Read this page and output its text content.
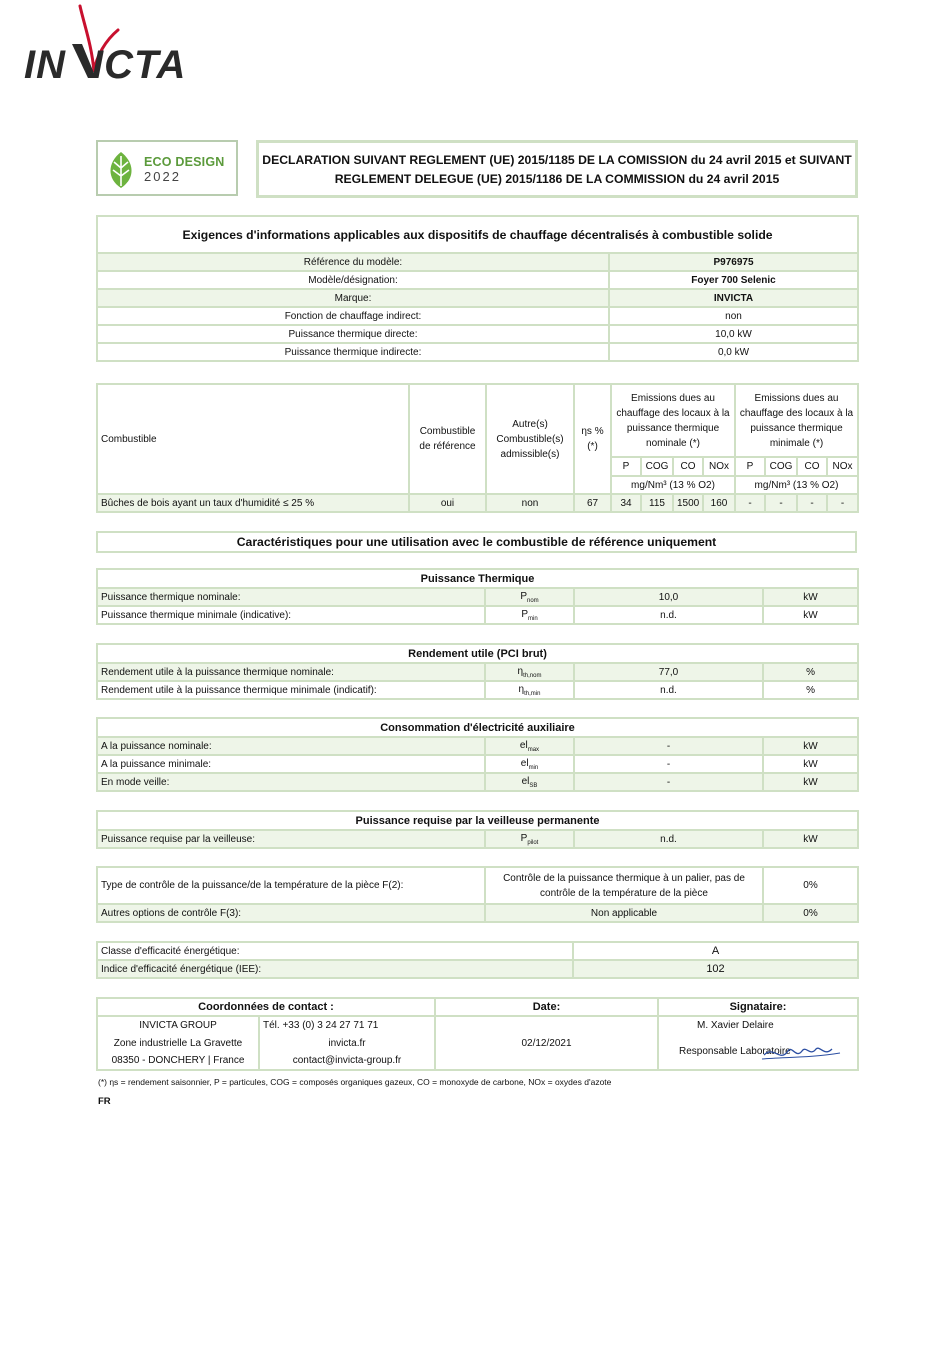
IN ICTA
ECO DESIGN
2022
DECLARATION SUIVANT REGLEMENT (UE) 2015/1185 DE LA COMISSION du 24 avril 2015 et SUIVANT
REGLEMENT DELEGUE (UE) 2015/1186 DE LA COMMISSION du 24 avril 2015
Exigences d'informations applicables aux dispositifs de chauffage décentralisés à combustible solide	
Référence du modèle:	P976975
Modèle/désignation:	Foyer 700 Selenic
Marque:	INVICTA
Fonction de chauffage indirect:	non
Puissance thermique directe:	10,0 kW
Puissance thermique indirecte:	0,0 kW
Combustible	Combustible de référence	Autre(s) Combustible(s) admissible(s)	ηs % (*)	Emissions dues au chauffage des locaux à la puissance thermique nominale (*)				Emissions dues au chauffage des locaux à la puissance thermique minimale (*)			
				P	COG	CO	NOx	P	COG	CO	NOx
				mg/Nm³ (13 % O2)				mg/Nm³ (13 % O2)			
Bûches de bois ayant un taux d'humidité ≤ 25 %	oui	non	67	34	115	1500	160	-	-	-	-
Caractéristiques pour une utilisation avec le combustible de référence uniquement
Puissance Thermique			
Puissance thermique nominale:	$P_{nom}$	10,0	kW
Puissance thermique minimale (indicative):	$P_{min}$	n.d.	kW
Rendement utile (PCI brut)			
Rendement utile à la puissance thermique nominale:	$\eta_{th,nom}$	77,0	%
Rendement utile à la puissance thermique minimale (indicatif):	$\eta_{th,min}$	n.d.	%
Consommation d'électricité auxiliaire			
A la puissance nominale:	$el_{max}$	-	kW
A la puissance minimale:	$el_{min}$	-	kW
En mode veille:	$el_{SB}$	-	kW
Puissance requise par la veilleuse permanente
Puissance requise par la veilleuse:	$P_{pilot}$	n.d.	kW
Type de contrôle de la puissance/de la température de la pièce F(2):	Contrôle de la puissance thermique à un palier, pas de contrôle de la température de la pièce	0%
Autres options de contrôle F(3):	Non applicable	0%
Classe d'efficacité énergétique:	A
Indice d'efficacité énergétique (IEE):	102
Coordonnées de contact :		Date:	Signataire:
INVICTA GROUP	Tél. +33 (0) 3 24 27 71 71	02/12/2021	M. Xavier Delaire
Zone industrielle La Gravette	invicta.fr		Responsable Laboratoire
08350 - DONCHERY | France	contact@invicta-group.fr		
(*) ηs = rendement saisonnier, P = particules, COG = composés organiques gazeux, CO = monoxyde de carbone, NOx = oxydes d'azote
FR
